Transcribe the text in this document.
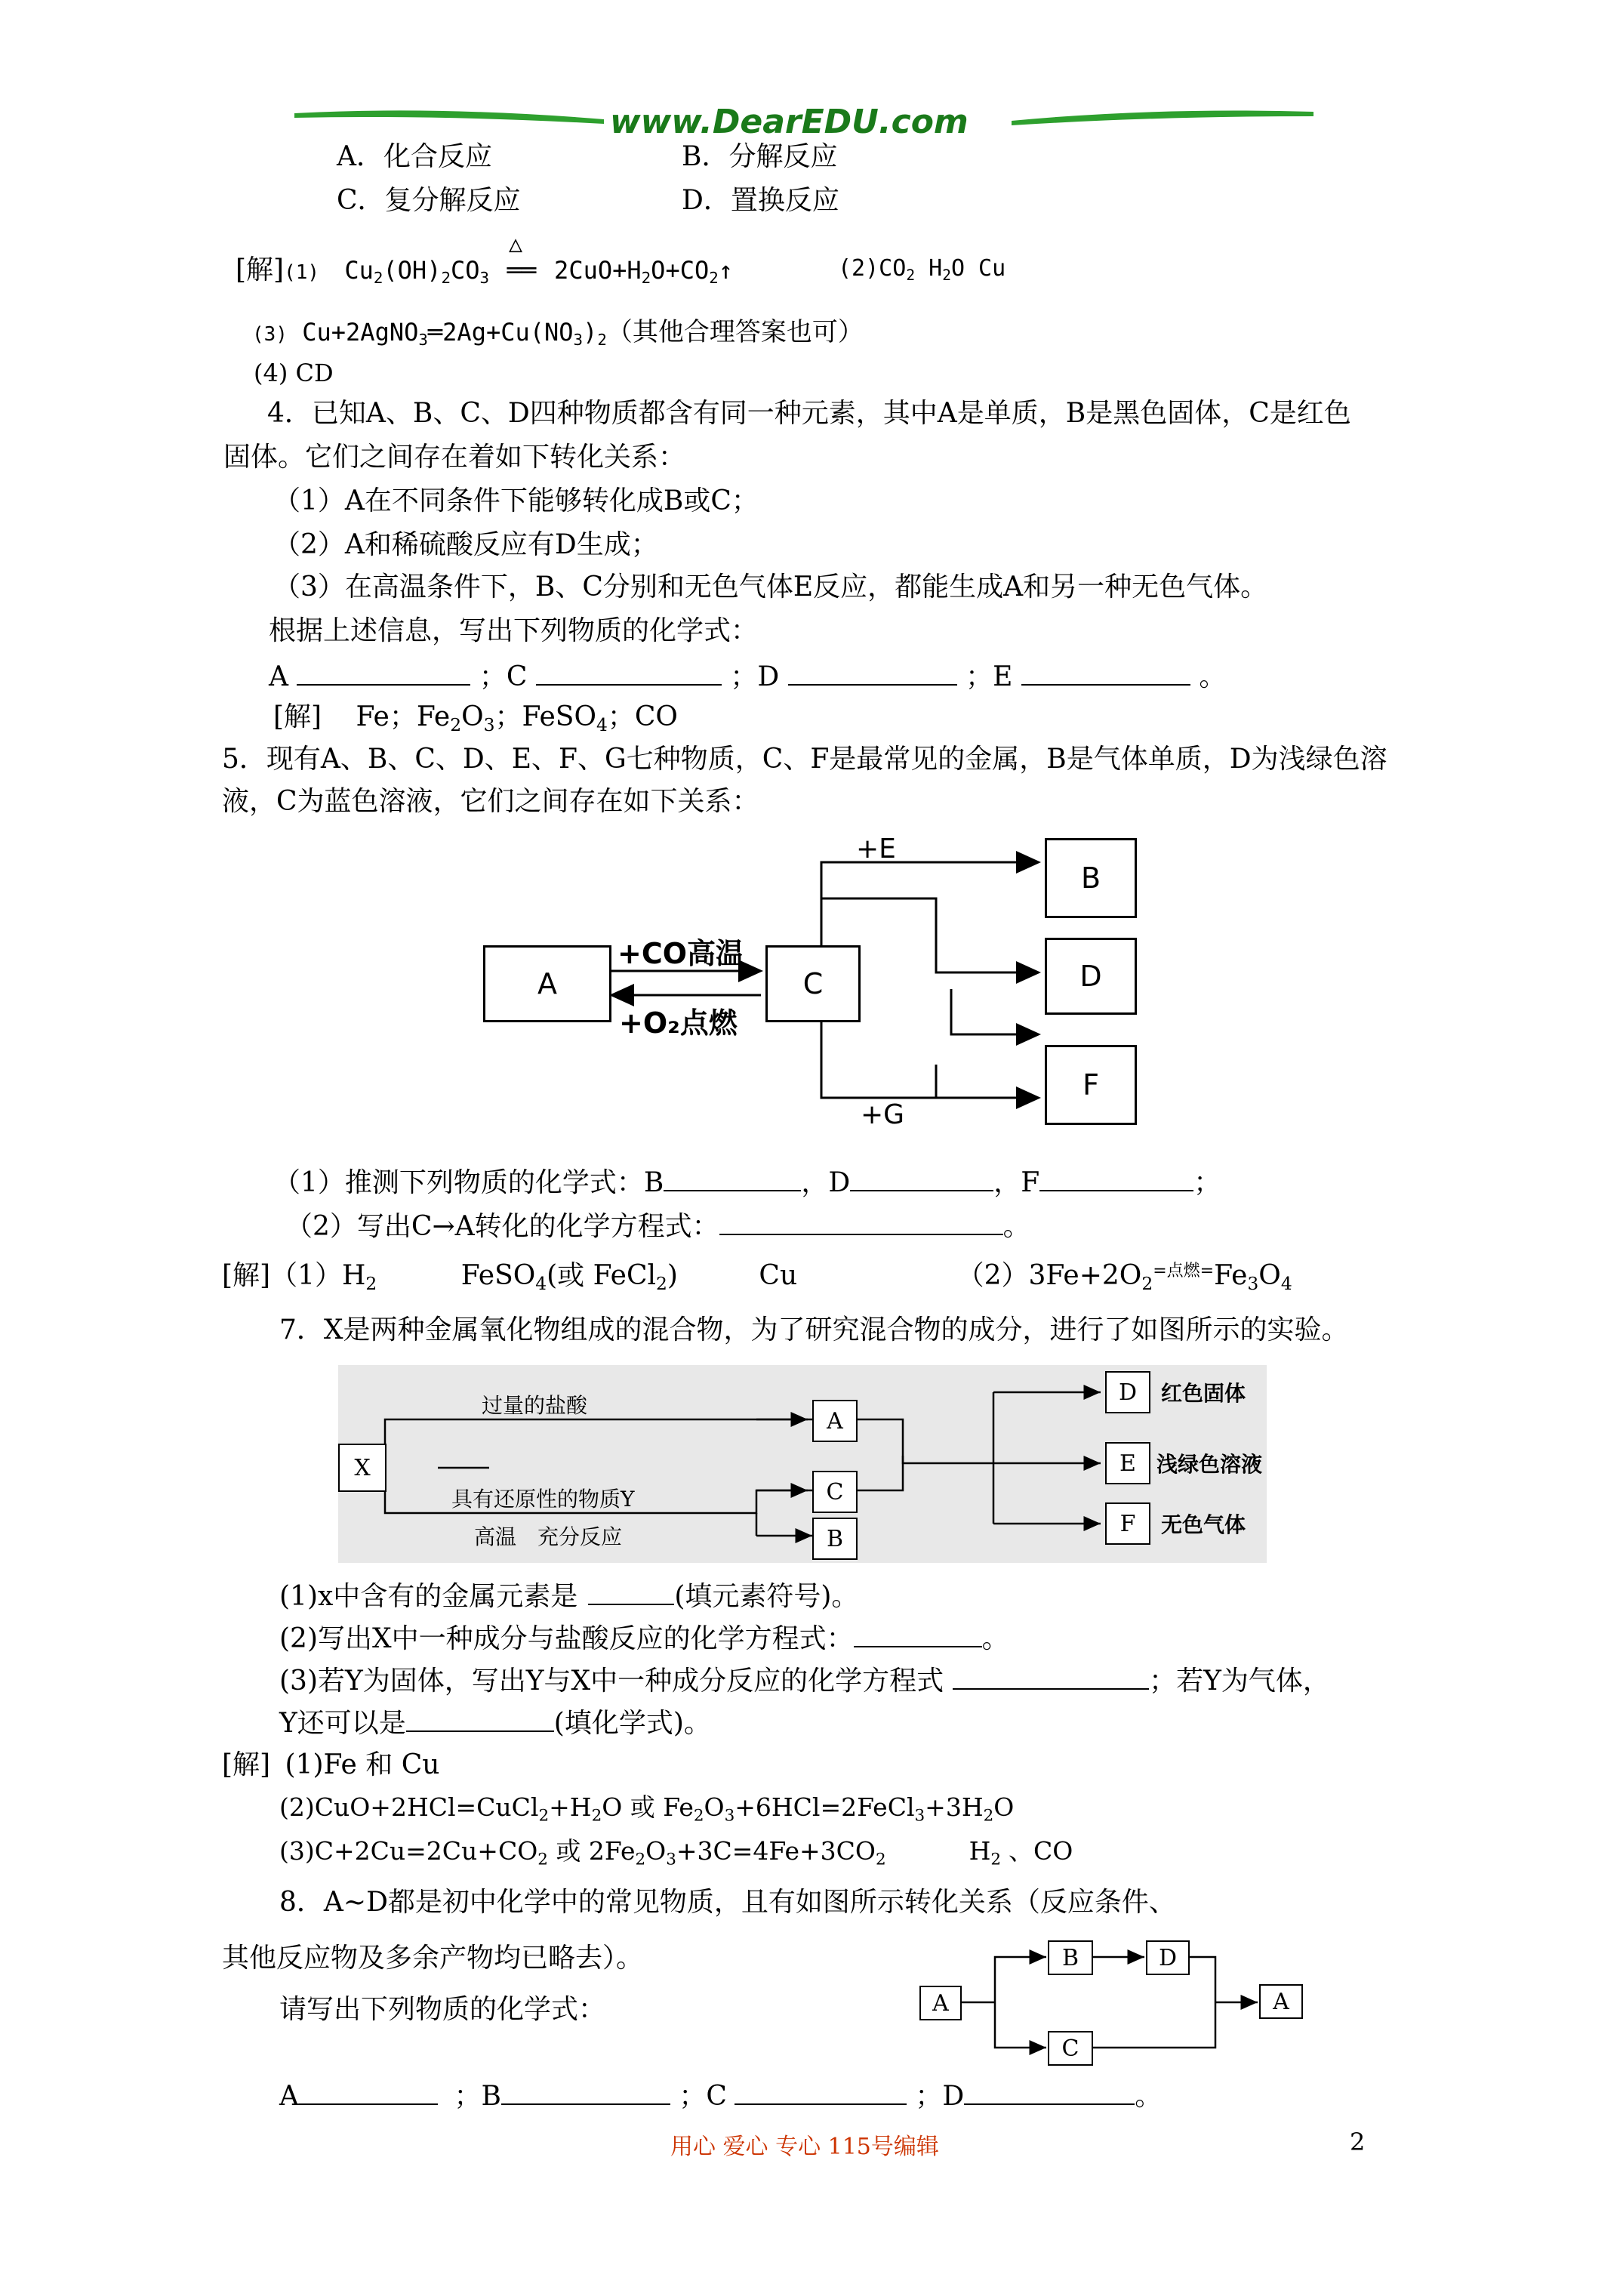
www.DearEDU.com
A．化合反应	B．分解反应
C．复分解反应	D．置换反应
[解](1) $Cu_2(OH)_2CO_3$
△
══ $2CuO+H_2O+CO_2↑$	$(2)CO_2$ $H_2O$ Cu
(3) $Cu+2AgNO_3═2Ag+Cu(NO_3)_2$（其他合理答案也可）
(4) CD
4．已知A、B、C、D四种物质都含有同一种元素，其中A是单质，B是黑色固体，C是红色
固体。它们之间存在着如下转化关系：
（1）A在不同条件下能够转化成B或C；
（2）A和稀硫酸反应有D生成；
（3）在高温条件下，B、C分别和无色气体E反应，都能生成A和另一种无色气体。
根据上述信息，写出下列物质的化学式：
A	；C	；D	；E	。
[解] Fe；$Fe_2O_3$；FeSO$_4$；CO
5．现有A、B、C、D、E、F、G七种物质，C、F是最常见的金属，B是气体单质，D为浅绿色溶
液，C为蓝色溶液，它们之间存在如下关系：
A	C
B
D
F
+CO高温
+O₂点燃
+E
+G
（1）推测下列物质的化学式：B	，D	，F	；
（2）写出C→A转化的化学方程式：	。
[解]$(1)H_2$	FeSO$_4$(或 FeCl$_2$)	Cu	$(2)3Fe+2O_2^{=点燃=}Fe_3O_4$
7．X是两种金属氧化物组成的混合物，为了研究混合物的成分，进行了如图所示的实验。
X
A
C
B
D
E
F
过量的盐酸
具有还原性的物质Y
高温　充分反应
红色固体
浅绿色溶液
无色气体
(1)x中含有的金属元素是	(填元素符号)。
(2)写出X中一种成分与盐酸反应的化学方程式：	。
(3)若Y为固体，写出Y与X中一种成分反应的化学方程式	；若Y为气体，
Y还可以是	(填化学式)。
[解] (1)Fe 和 Cu
$(2)CuO+2HCl=CuCl_2+H_2O$ 或 $Fe_2O_3+6HCl=2FeCl_3+3H_2O$
$(3)C+2Cu=2Cu+CO_2$ 或 $2Fe_2O_3+3C=4Fe+3CO_2$	$H_2$ 、CO
8．A~D都是初中化学中的常见物质，且有如图所示转化关系（反应条件、
其他反应物及多余产物均已略去）。
请写出下列物质的化学式：	A
B	D
C
A
A	；B	；C	；D	。
用心 爱心 专心 115号编辑	2
